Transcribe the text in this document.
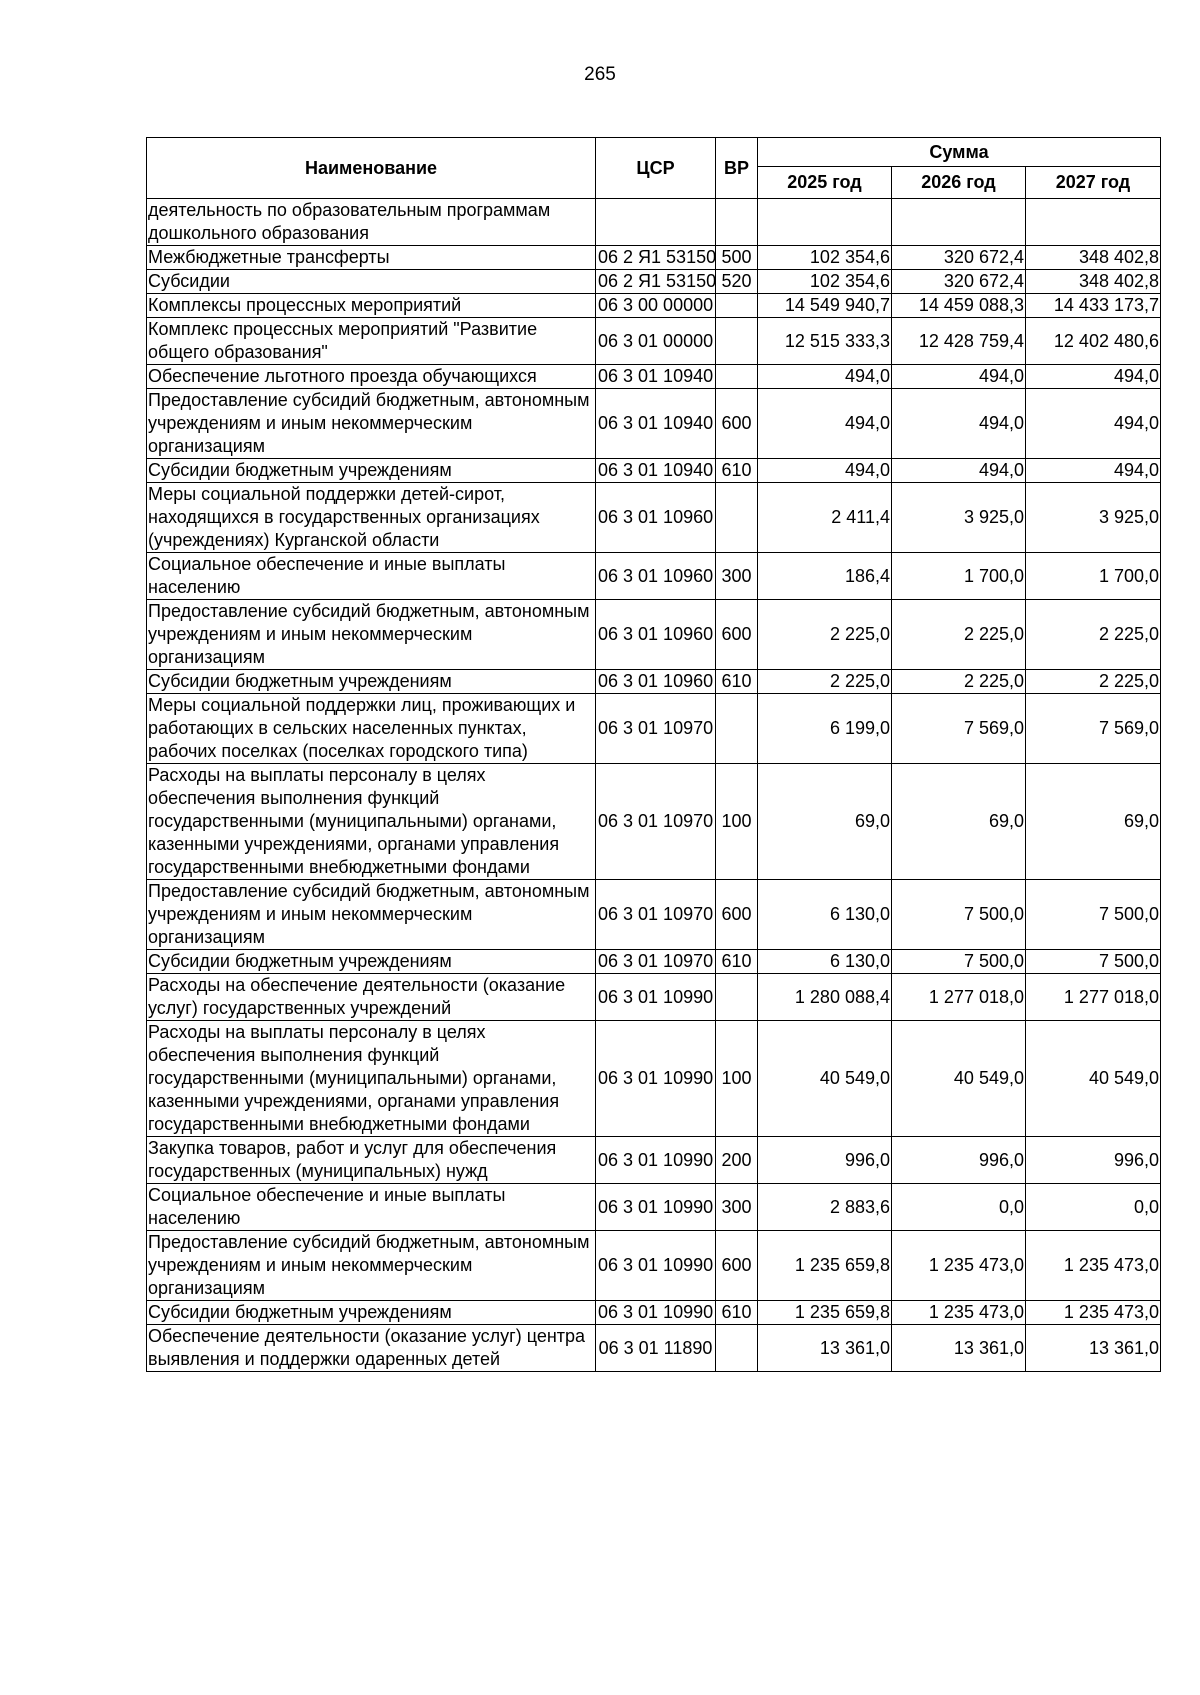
265
Наименование	ЦСР	ВР	Сумма		
			2025 год	2026 год	2027 год
деятельность по образовательным программам дошкольного образования					
Межбюджетные трансферты	06 2 Я1 53150	500	102 354,6	320 672,4	348 402,8
Субсидии	06 2 Я1 53150	520	102 354,6	320 672,4	348 402,8
Комплексы процессных мероприятий	06 3 00 00000		14 549 940,7	14 459 088,3	14 433 173,7
Комплекс процессных мероприятий "Развитие общего образования"	06 3 01 00000		12 515 333,3	12 428 759,4	12 402 480,6
Обеспечение льготного проезда обучающихся	06 3 01 10940		494,0	494,0	494,0
Предоставление субсидий бюджетным, автономным учреждениям и иным некоммерческим организациям	06 3 01 10940	600	494,0	494,0	494,0
Субсидии бюджетным учреждениям	06 3 01 10940	610	494,0	494,0	494,0
Меры социальной поддержки детей-сирот, находящихся в государственных организациях (учреждениях) Курганской области	06 3 01 10960		2 411,4	3 925,0	3 925,0
Социальное обеспечение и иные выплаты населению	06 3 01 10960	300	186,4	1 700,0	1 700,0
Предоставление субсидий бюджетным, автономным учреждениям и иным некоммерческим организациям	06 3 01 10960	600	2 225,0	2 225,0	2 225,0
Субсидии бюджетным учреждениям	06 3 01 10960	610	2 225,0	2 225,0	2 225,0
Меры социальной поддержки лиц, проживающих и работающих в сельских населенных пунктах, рабочих поселках (поселках городского типа)	06 3 01 10970		6 199,0	7 569,0	7 569,0
Расходы на выплаты персоналу в целях обеспечения выполнения функций государственными (муниципальными) органами, казенными учреждениями, органами управления государственными внебюджетными фондами	06 3 01 10970	100	69,0	69,0	69,0
Предоставление субсидий бюджетным, автономным учреждениям и иным некоммерческим организациям	06 3 01 10970	600	6 130,0	7 500,0	7 500,0
Субсидии бюджетным учреждениям	06 3 01 10970	610	6 130,0	7 500,0	7 500,0
Расходы на обеспечение деятельности (оказание услуг) государственных учреждений	06 3 01 10990		1 280 088,4	1 277 018,0	1 277 018,0
Расходы на выплаты персоналу в целях обеспечения выполнения функций государственными (муниципальными) органами, казенными учреждениями, органами управления государственными внебюджетными фондами	06 3 01 10990	100	40 549,0	40 549,0	40 549,0
Закупка товаров, работ и услуг для обеспечения государственных (муниципальных) нужд	06 3 01 10990	200	996,0	996,0	996,0
Социальное обеспечение и иные выплаты населению	06 3 01 10990	300	2 883,6	0,0	0,0
Предоставление субсидий бюджетным, автономным учреждениям и иным некоммерческим организациям	06 3 01 10990	600	1 235 659,8	1 235 473,0	1 235 473,0
Субсидии бюджетным учреждениям	06 3 01 10990	610	1 235 659,8	1 235 473,0	1 235 473,0
Обеспечение деятельности (оказание услуг) центра выявления и поддержки одаренных детей	06 3 01 11890		13 361,0	13 361,0	13 361,0
